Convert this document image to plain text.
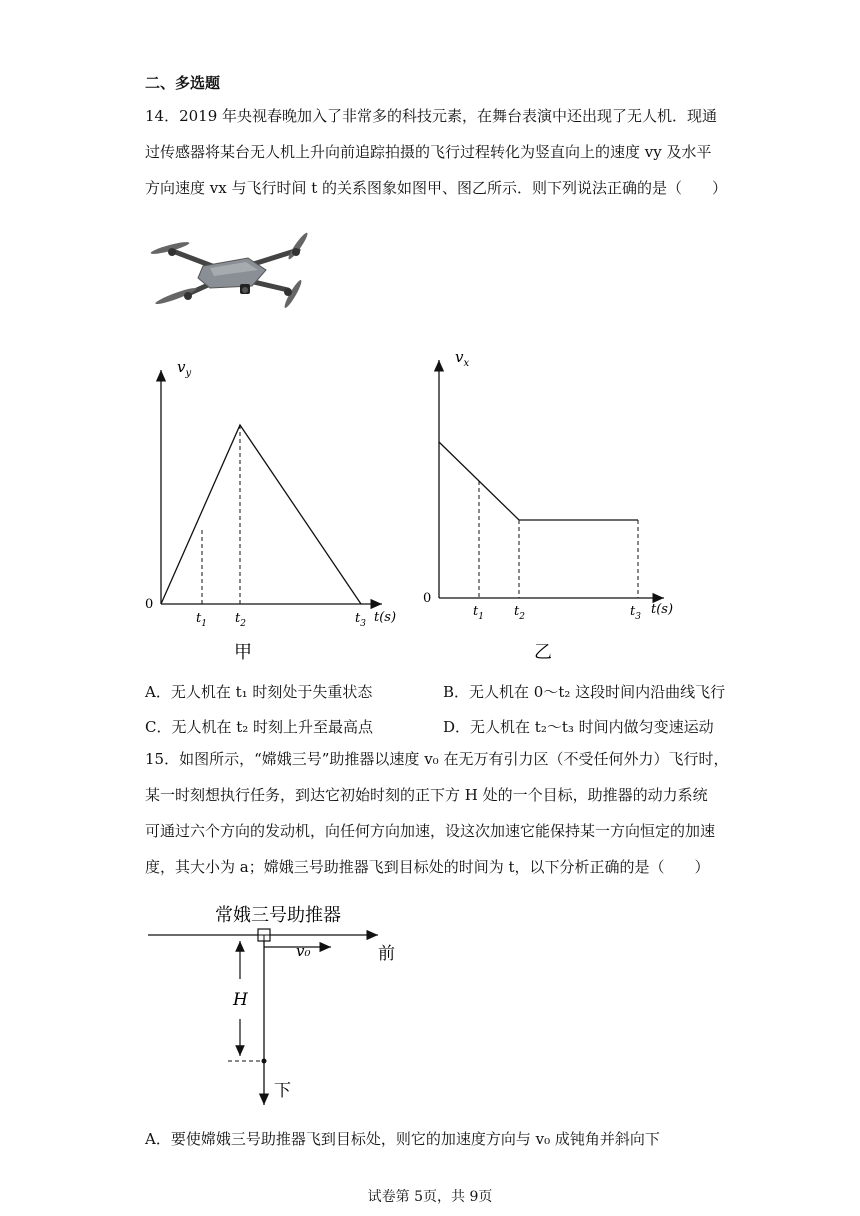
二、多选题
14．2019 年央视春晚加入了非常多的科技元素，在舞台表演中还出现了无人机．现通
过传感器将某台无人机上升向前追踪拍摄的飞行过程转化为竖直向上的速度 vy 及水平
方向速度 vx 与飞行时间 t 的关系图象如图甲、图乙所示．则下列说法正确的是（　　）
$v_y$
0
$t_1$ $t_2$	$t_3$ t(s)
甲
$v_x$
0
$t_1$ $t_2$	$t_3$ t(s)
乙
A．无人机在 t₁ 时刻处于失重状态	B．无人机在 0～t₂ 这段时间内沿曲线飞行
C．无人机在 t₂ 时刻上升至最高点	D．无人机在 t₂～t₃ 时间内做匀变速运动
15．如图所示，“嫦娥三号”助推器以速度 v₀ 在无万有引力区（不受任何外力）飞行时，
某一时刻想执行任务，到达它初始时刻的正下方 H 处的一个目标，助推器的动力系统
可通过六个方向的发动机，向任何方向加速，设这次加速它能保持某一方向恒定的加速
度，其大小为 a；嫦娥三号助推器飞到目标处的时间为 t，以下分析正确的是（　　）
常娥三号助推器
v₀	前
H
下
A．要使嫦娥三号助推器飞到目标处，则它的加速度方向与 v₀ 成钝角并斜向下
试卷第 5页，共 9页
